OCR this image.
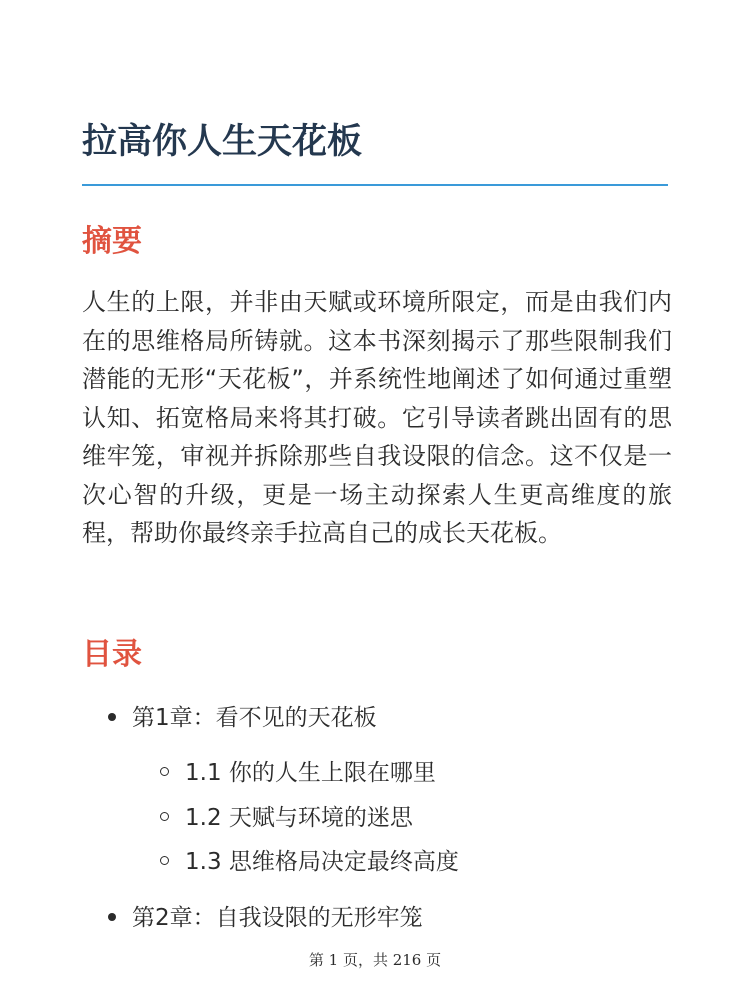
拉高你人生天花板
摘要

人生的上限，并非由天赋或环境所限定，而是由我们内在的思维格局所铸就。这本书深刻揭示了那些限制我们潜能的无形“天花板”，并系统性地阐述了如何通过重塑认知、拓宽格局来将其打破。它引导读者跳出固有的思维牢笼，审视并拆除那些自我设限的信念。这不仅是一次心智的升级，更是一场主动探索人生更高维度的旅程，帮助你最终亲手拉高自己的成长天花板。

目录
第1章：看不见的天花板
1.1 你的人生上限在哪里
1.2 天赋与环境的迷思
1.3 思维格局决定最终高度
第2章：自我设限的无形牢笼
第 1 页，共 216 页
